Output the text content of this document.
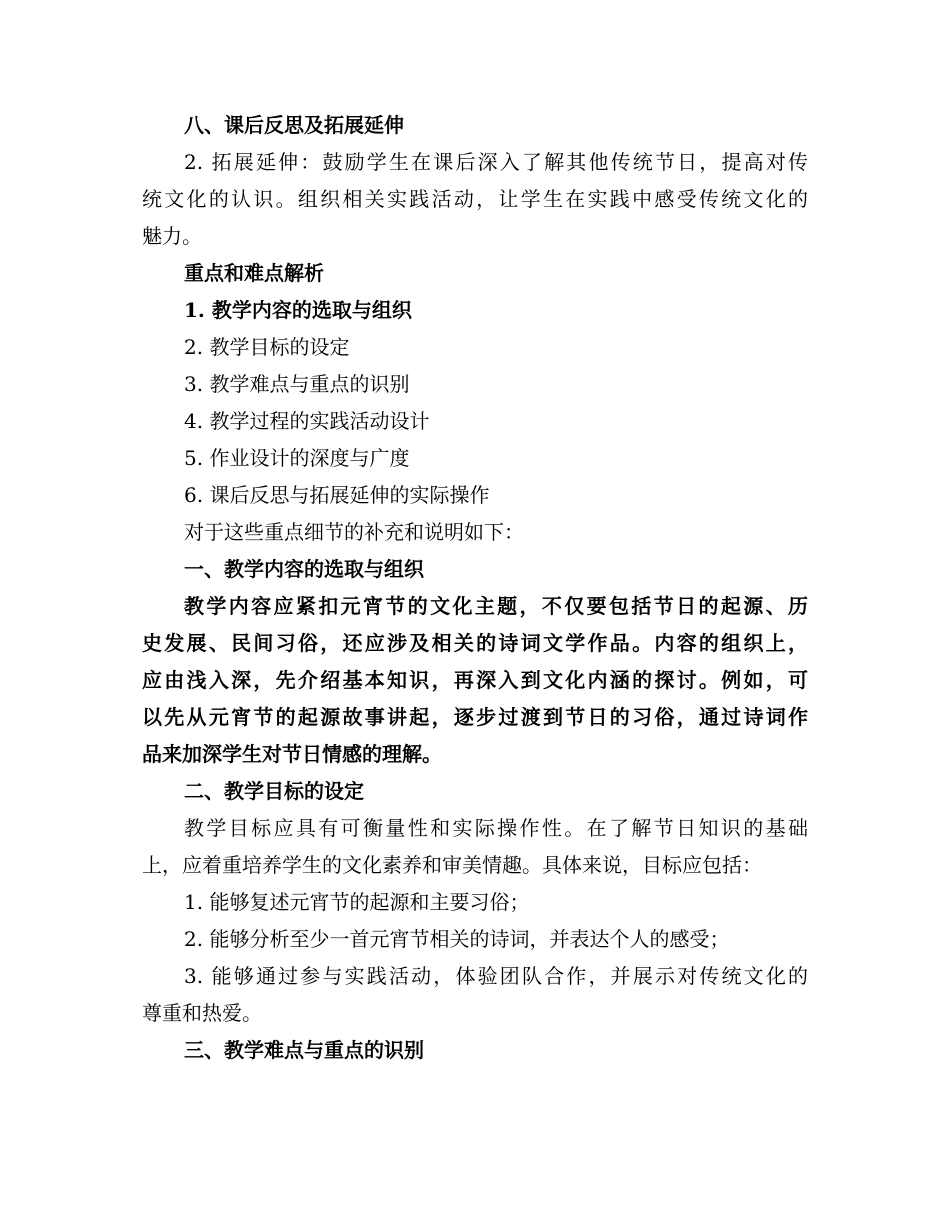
八、课后反思及拓展延伸
2. 拓展延伸：鼓励学生在课后深入了解其他传统节日，提高对传
统文化的认识。组织相关实践活动，让学生在实践中感受传统文化的
魅力。
重点和难点解析
1. 教学内容的选取与组织
2. 教学目标的设定
3. 教学难点与重点的识别
4. 教学过程的实践活动设计
5. 作业设计的深度与广度
6. 课后反思与拓展延伸的实际操作
对于这些重点细节的补充和说明如下：
一、教学内容的选取与组织
教学内容应紧扣元宵节的文化主题，不仅要包括节日的起源、历
史发展、民间习俗，还应涉及相关的诗词文学作品。内容的组织上，
应由浅入深，先介绍基本知识，再深入到文化内涵的探讨。例如，可
以先从元宵节的起源故事讲起，逐步过渡到节日的习俗，通过诗词作
品来加深学生对节日情感的理解。
二、教学目标的设定
教学目标应具有可衡量性和实际操作性。在了解节日知识的基础
上，应着重培养学生的文化素养和审美情趣。具体来说，目标应包括：
1. 能够复述元宵节的起源和主要习俗；
2. 能够分析至少一首元宵节相关的诗词，并表达个人的感受；
3. 能够通过参与实践活动，体验团队合作，并展示对传统文化的
尊重和热爱。
三、教学难点与重点的识别
